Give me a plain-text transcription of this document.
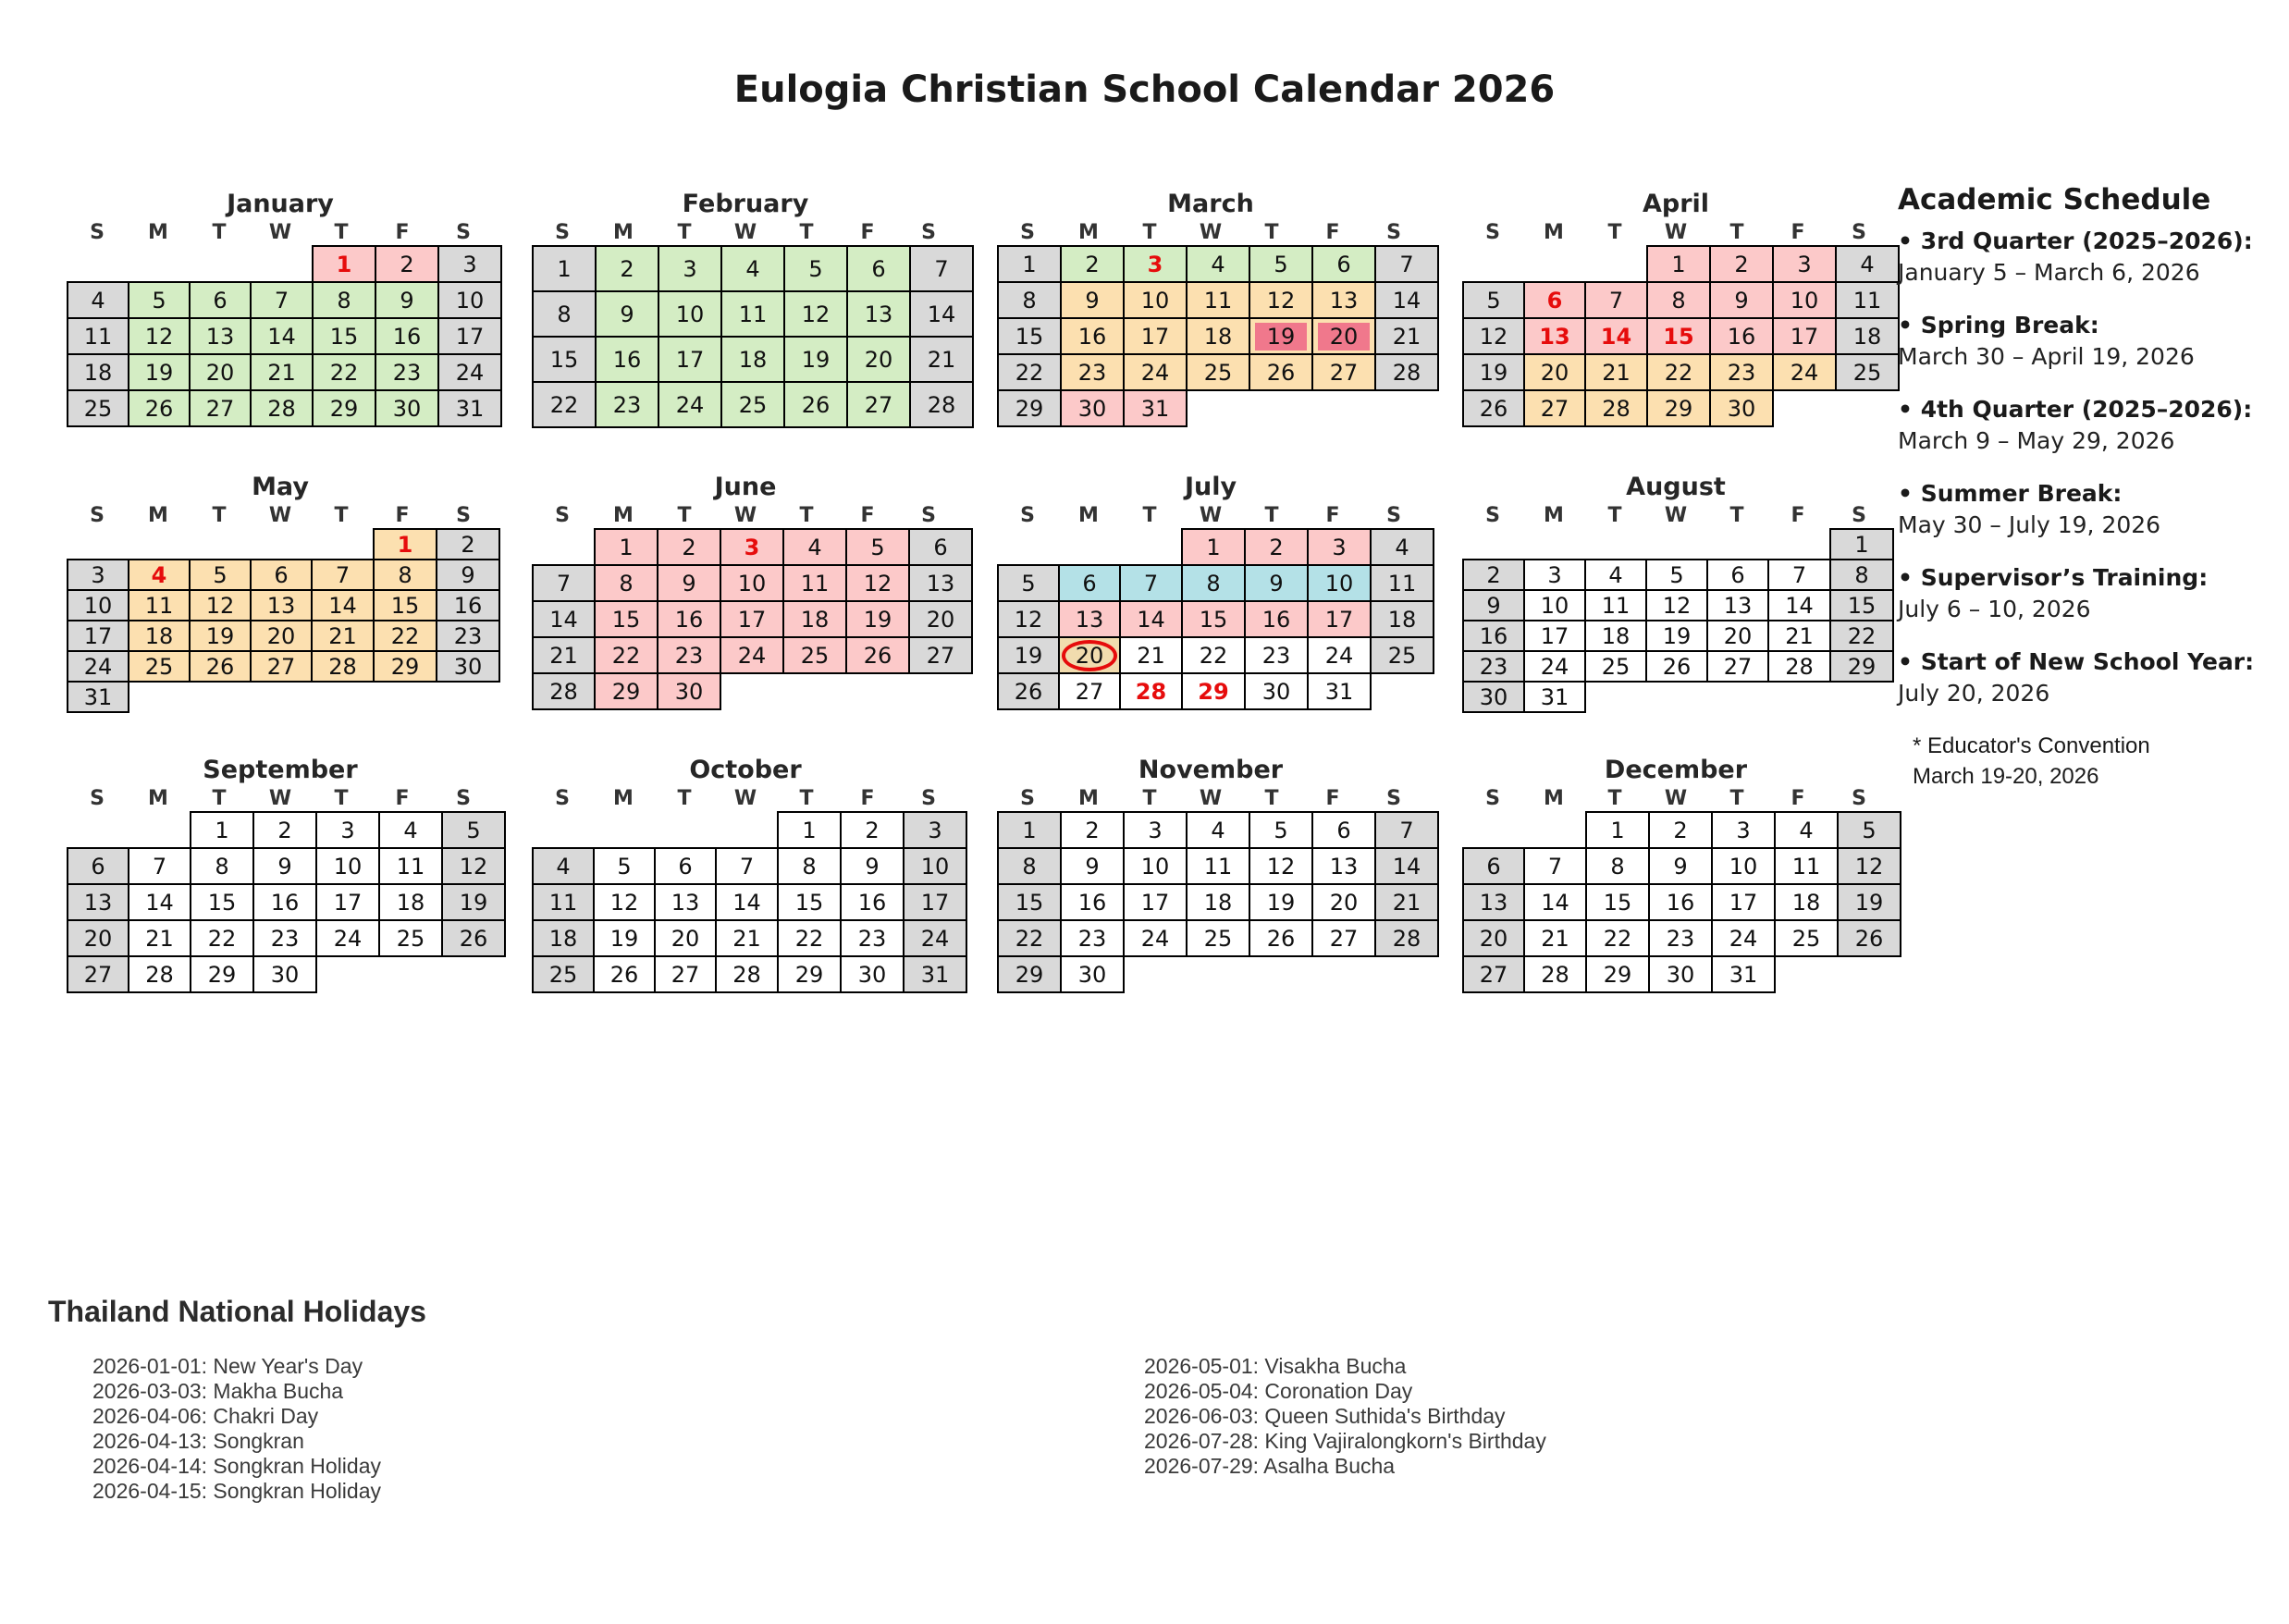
Eulogia Christian School Calendar 2026
January
S	M	T	W	T	F	S
				1	2	3
4	5	6	7	8	9	10
11	12	13	14	15	16	17
18	19	20	21	22	23	24
25	26	27	28	29	30	31
February
S	M	T	W	T	F	S
1	2	3	4	5	6	7
8	9	10	11	12	13	14
15	16	17	18	19	20	21
22	23	24	25	26	27	28
March
S	M	T	W	T	F	S
1	2	3	4	5	6	7
8	9	10	11	12	13	14
15	16	17	18	19	20	21
22	23	24	25	26	27	28
29	30	31				
April
S	M	T	W	T	F	S
			1	2	3	4
5	6	7	8	9	10	11
12	13	14	15	16	17	18
19	20	21	22	23	24	25
26	27	28	29	30		
May
S	M	T	W	T	F	S
					1	2
3	4	5	6	7	8	9
10	11	12	13	14	15	16
17	18	19	20	21	22	23
24	25	26	27	28	29	30
31						
June
S	M	T	W	T	F	S
	1	2	3	4	5	6
7	8	9	10	11	12	13
14	15	16	17	18	19	20
21	22	23	24	25	26	27
28	29	30				
July
S	M	T	W	T	F	S
			1	2	3	4
5	6	7	8	9	10	11
12	13	14	15	16	17	18
19	20	21	22	23	24	25
26	27	28	29	30	31	
August
S	M	T	W	T	F	S
						1
2	3	4	5	6	7	8
9	10	11	12	13	14	15
16	17	18	19	20	21	22
23	24	25	26	27	28	29
30	31					
September
S	M	T	W	T	F	S
		1	2	3	4	5
6	7	8	9	10	11	12
13	14	15	16	17	18	19
20	21	22	23	24	25	26
27	28	29	30			
October
S	M	T	W	T	F	S
				1	2	3
4	5	6	7	8	9	10
11	12	13	14	15	16	17
18	19	20	21	22	23	24
25	26	27	28	29	30	31
November
S	M	T	W	T	F	S
1	2	3	4	5	6	7
8	9	10	11	12	13	14
15	16	17	18	19	20	21
22	23	24	25	26	27	28
29	30					
December
S	M	T	W	T	F	S
		1	2	3	4	5
6	7	8	9	10	11	12
13	14	15	16	17	18	19
20	21	22	23	24	25	26
27	28	29	30	31		
Academic Schedule
• 3rd Quarter (2025–2026):
January 5 – March 6, 2026
• Spring Break:
March 30 – April 19, 2026
• 4th Quarter (2025–2026):
March 9 – May 29, 2026
• Summer Break:
May 30 – July 19, 2026
• Supervisor’s Training:
July 6 – 10, 2026
• Start of New School Year:
July 20, 2026
* Educator's Convention
March 19-20, 2026
Thailand National Holidays
2026-01-01: New Year's Day
2026-03-03: Makha Bucha
2026-04-06: Chakri Day
2026-04-13: Songkran
2026-04-14: Songkran Holiday
2026-04-15: Songkran Holiday
2026-05-01: Visakha Bucha
2026-05-04: Coronation Day
2026-06-03: Queen Suthida's Birthday
2026-07-28: King Vajiralongkorn's Birthday
2026-07-29: Asalha Bucha
